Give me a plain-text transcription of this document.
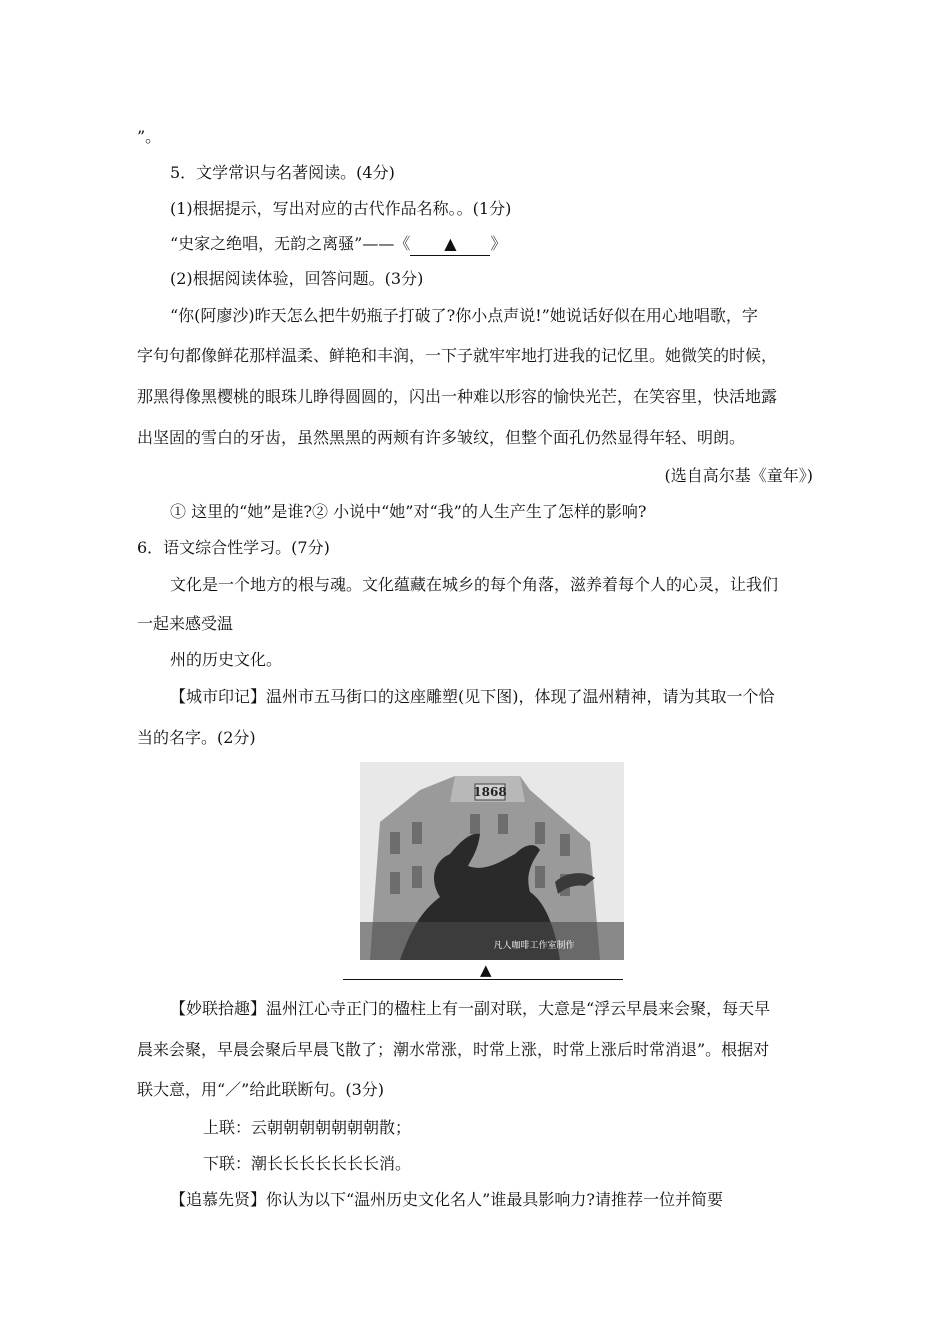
”。
5．文学常识与名著阅读。(4分)
(1)根据提示，写出对应的古代作品名称。。(1分)
“史家之绝唱，无韵之离骚”——《 ▲ 》
(2)根据阅读体验，回答问题。(3分)
“你(阿廖沙)昨天怎么把牛奶瓶子打破了?你小点声说!”她说话好似在用心地唱歌，字
字句句都像鲜花那样温柔、鲜艳和丰润，一下子就牢牢地打进我的记忆里。她微笑的时候，
那黑得像黑樱桃的眼珠儿睁得圆圆的，闪出一种难以形容的愉快光芒，在笑容里，快活地露
出坚固的雪白的牙齿，虽然黑黑的两颊有许多皱纹，但整个面孔仍然显得年轻、明朗。
(选自高尔基《童年》)
① 这里的“她”是谁?② 小说中“她”对“我”的人生产生了怎样的影响?
6．语文综合性学习。(7分)
文化是一个地方的根与魂。文化蕴藏在城乡的每个角落，滋养着每个人的心灵，让我们
一起来感受温
州的历史文化。
【城市印记】温州市五马街口的这座雕塑(见下图)，体现了温州精神，请为其取一个恰
当的名字。(2分)
1868
凡人咖啡工作室制作
▲
【妙联拾趣】温州江心寺正门的楹柱上有一副对联，大意是“浮云早晨来会聚，每天早
晨来会聚，早晨会聚后早晨飞散了；潮水常涨，时常上涨，时常上涨后时常消退”。根据对
联大意，用“／”给此联断句。(3分)
上联：云朝朝朝朝朝朝朝散；
下联：潮长长长长长长长消。
【追慕先贤】你认为以下“温州历史文化名人”谁最具影响力?请推荐一位并简要
